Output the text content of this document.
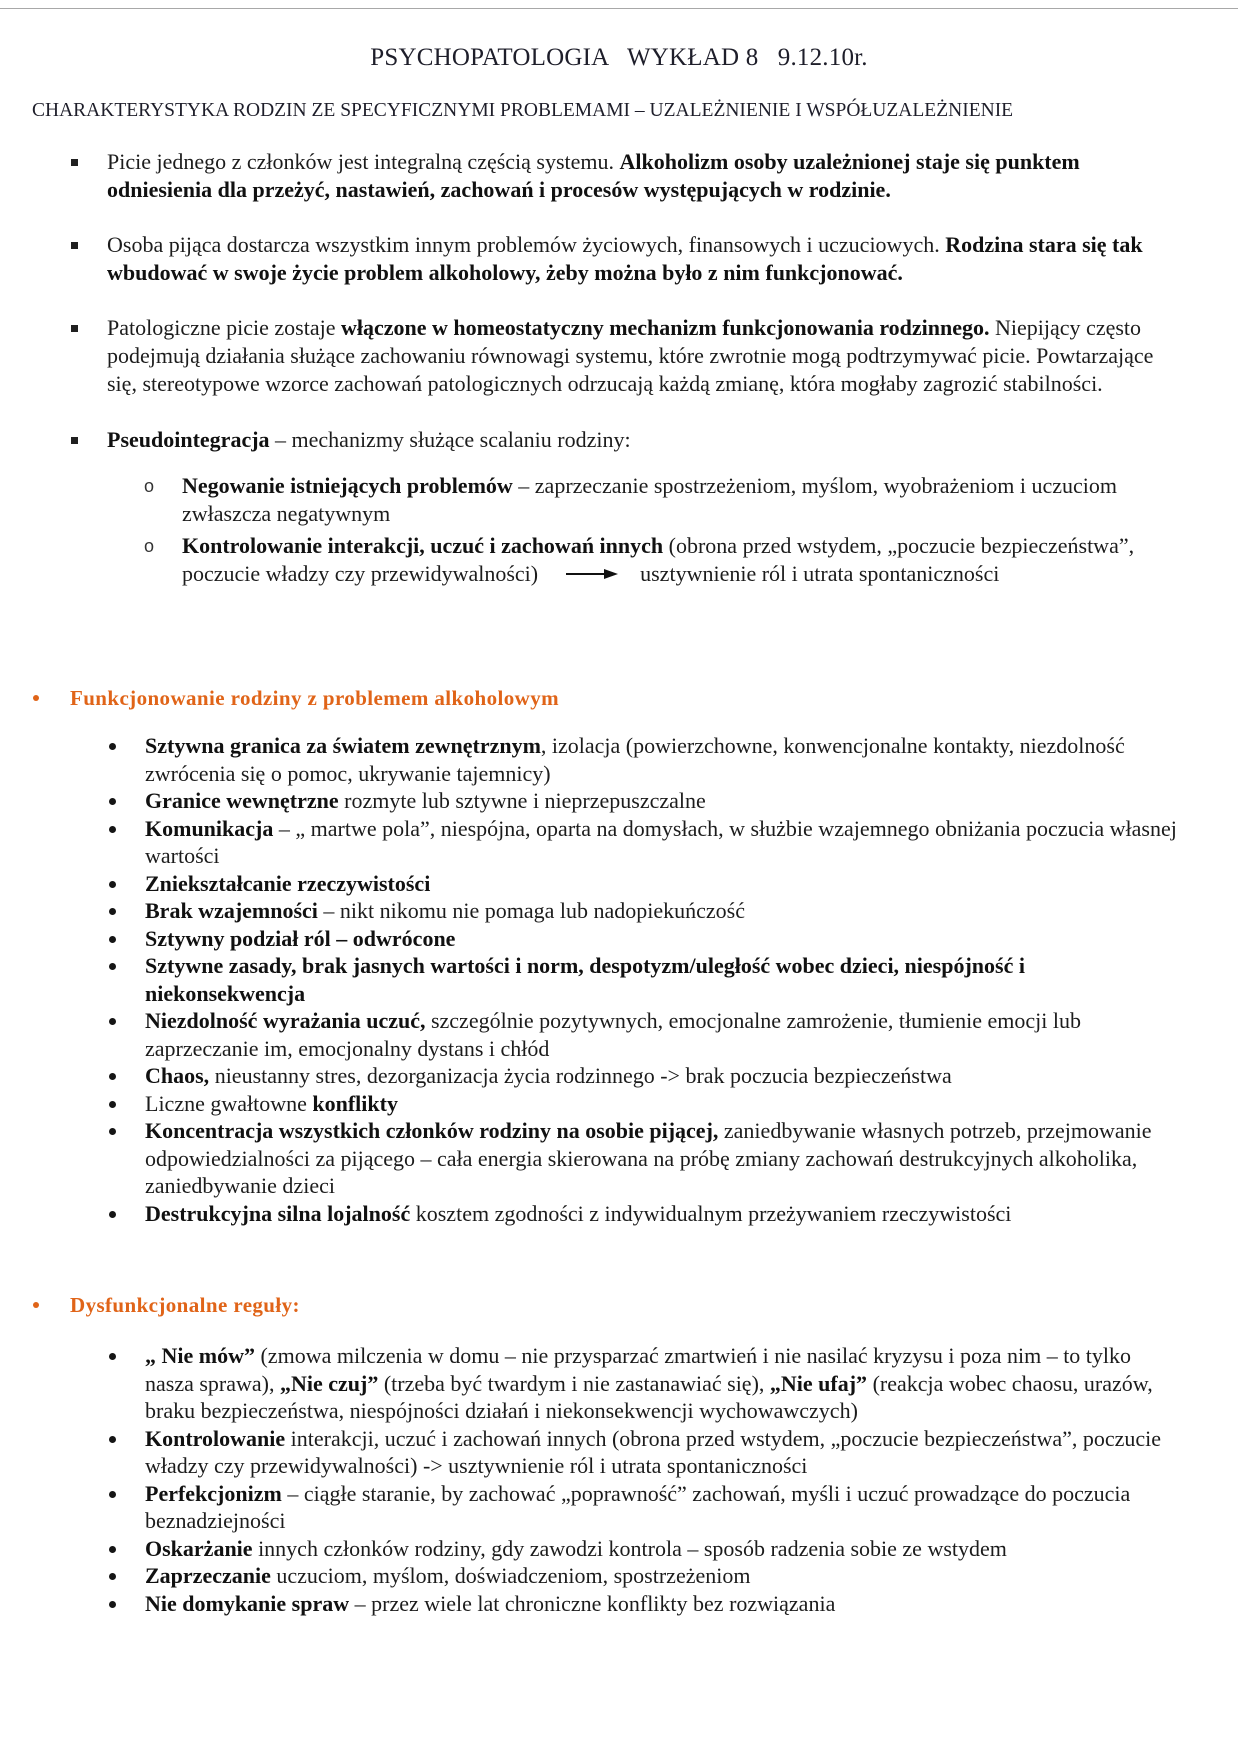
PSYCHOPATOLOGIA   WYKŁAD 8   9.12.10r.
CHARAKTERYSTYKA RODZIN ZE SPECYFICZNYMI PROBLEMAMI – UZALEŻNIENIE I WSPÓŁUZALEŻNIENIE
Picie jednego z członków jest integralną częścią systemu. Alkoholizm osoby uzależnionej staje się punktem odniesienia dla przeżyć, nastawień, zachowań i procesów występujących w rodzinie.
Osoba pijąca dostarcza wszystkim innym problemów życiowych, finansowych i uczuciowych. Rodzina stara się tak wbudować w swoje życie problem alkoholowy, żeby można było z nim funkcjonować.
Patologiczne picie zostaje włączone w homeostatyczny mechanizm funkcjonowania rodzinnego. Niepijący często podejmują działania służące zachowaniu równowagi systemu, które zwrotnie mogą podtrzymywać picie. Powtarzające się, stereotypowe wzorce zachowań patologicznych odrzucają każdą zmianę, która mogłaby zagrozić stabilności.
Pseudointegracja – mechanizmy służące scalaniu rodziny:
o Negowanie istniejących problemów – zaprzeczanie spostrzeżeniom, myślom, wyobrażeniom i uczuciom zwłaszcza negatywnym
o Kontrolowanie interakcji, uczuć i zachowań innych (obrona przed wstydem, „poczucie bezpieczeństwa”, poczucie władzy czy przewidywalności)	usztywnienie ról i utrata spontaniczności
Funkcjonowanie rodziny z problemem alkoholowym
Sztywna granica za światem zewnętrznym, izolacja (powierzchowne, konwencjonalne kontakty, niezdolność zwrócenia się o pomoc, ukrywanie tajemnicy)
Granice wewnętrzne rozmyte lub sztywne i nieprzepuszczalne
Komunikacja – „ martwe pola”, niespójna, oparta na domysłach, w służbie wzajemnego obniżania poczucia własnej wartości
Zniekształcanie rzeczywistości
Brak wzajemności – nikt nikomu nie pomaga lub nadopiekuńczość
Sztywny podział ról – odwrócone
Sztywne zasady, brak jasnych wartości i norm, despotyzm/uległość wobec dzieci, niespójność i niekonsekwencja
Niezdolność wyrażania uczuć, szczególnie pozytywnych, emocjonalne zamrożenie, tłumienie emocji lub zaprzeczanie im, emocjonalny dystans i chłód
Chaos, nieustanny stres, dezorganizacja życia rodzinnego -> brak poczucia bezpieczeństwa
Liczne gwałtowne konflikty
Koncentracja wszystkich członków rodziny na osobie pijącej, zaniedbywanie własnych potrzeb, przejmowanie odpowiedzialności za pijącego – cała energia skierowana na próbę zmiany zachowań destrukcyjnych alkoholika, zaniedbywanie dzieci
Destrukcyjna silna lojalność kosztem zgodności z indywidualnym przeżywaniem rzeczywistości
Dysfunkcjonalne reguły:
„ Nie mów” (zmowa milczenia w domu – nie przysparzać zmartwień i nie nasilać kryzysu i poza nim – to tylko nasza sprawa), „Nie czuj” (trzeba być twardym i nie zastanawiać się), „Nie ufaj” (reakcja wobec chaosu, urazów, braku bezpieczeństwa, niespójności działań i niekonsekwencji wychowawczych)
Kontrolowanie interakcji, uczuć i zachowań innych (obrona przed wstydem, „poczucie bezpieczeństwa”, poczucie władzy czy przewidywalności) -> usztywnienie ról i utrata spontaniczności
Perfekcjonizm – ciągłe staranie, by zachować „poprawność” zachowań, myśli i uczuć prowadzące do poczucia beznadziejności
Oskarżanie innych członków rodziny, gdy zawodzi kontrola – sposób radzenia sobie ze wstydem
Zaprzeczanie uczuciom, myślom, doświadczeniom, spostrzeżeniom
Nie domykanie spraw – przez wiele lat chroniczne konflikty bez rozwiązania
